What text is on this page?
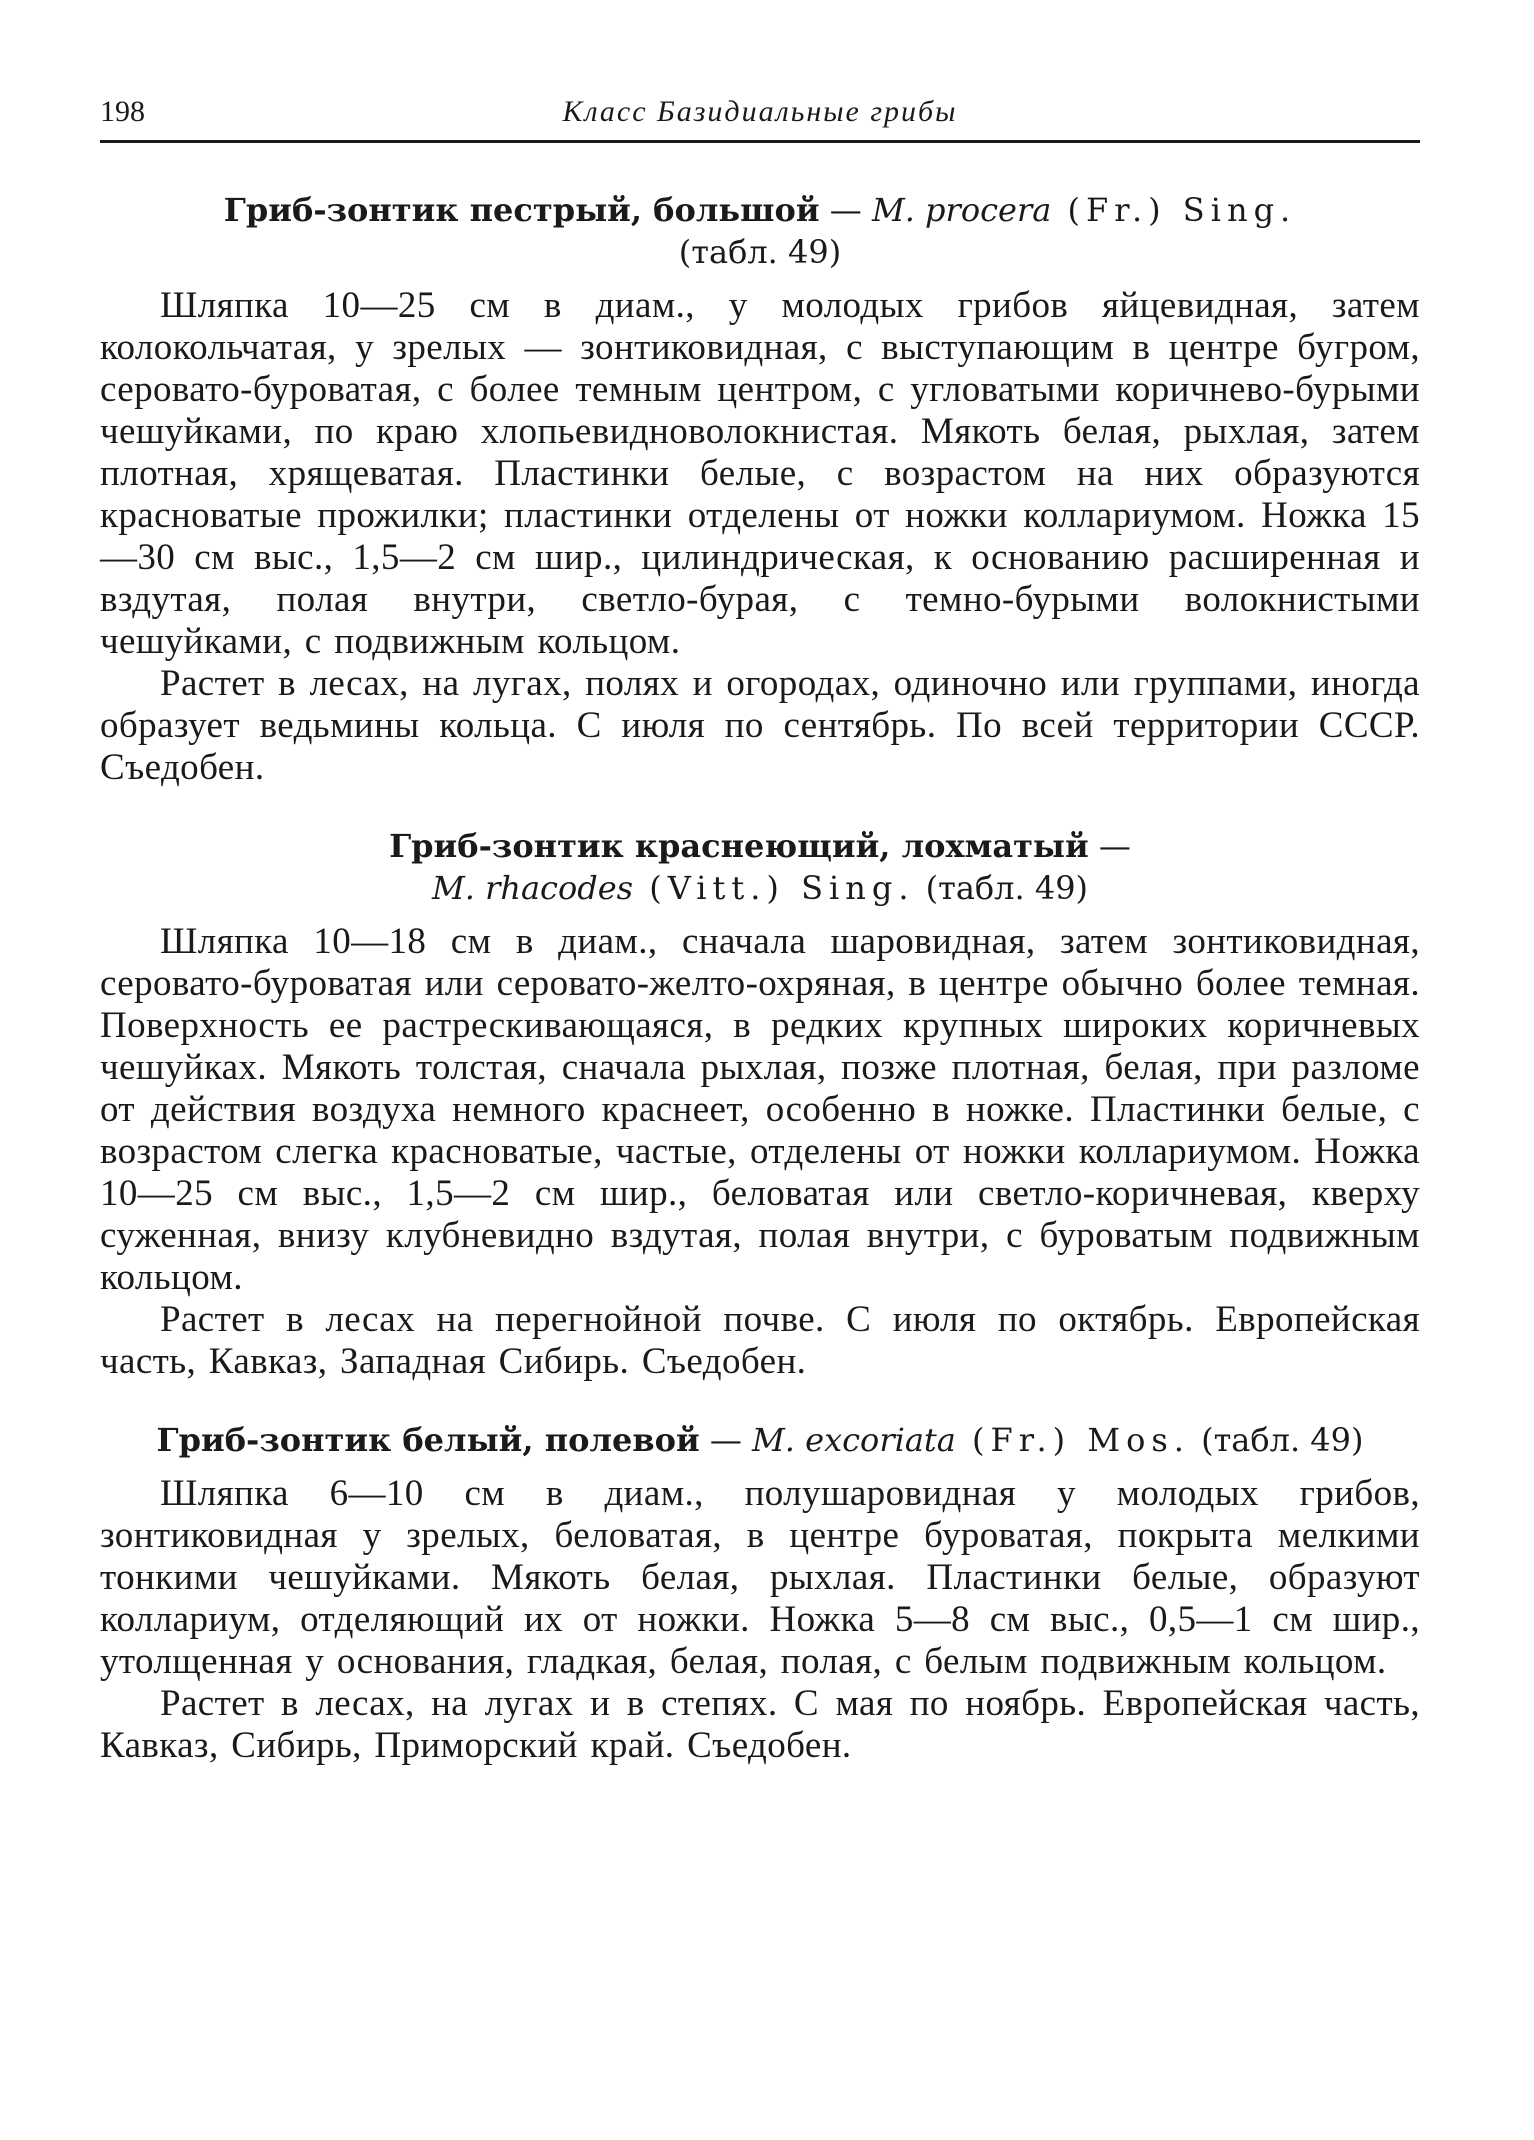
198	Класс Базидиальные грибы
Гриб-зонтик пестрый, большой — M. procera (Fr.) Sing.
(табл. 49)

Шляпка 10—25 см в диам., у молодых грибов яйцевидная, затем колокольчатая, у зрелых — зонтиковидная, с выступающим в центре бугром, серовато-буроватая, с более темным центром, с угловатыми коричнево-бурыми чешуйками, по краю хлопьевидноволокнистая. Мякоть белая, рыхлая, затем плотная, хрящеватая. Пластинки белые, с возрастом на них образуются красноватые прожилки; пластинки отделены от ножки коллариумом. Ножка 15—30 см выс., 1,5—2 см шир., цилиндрическая, к основанию расширенная и вздутая, полая внутри, светло-бурая, с темно-бурыми волокнистыми чешуйками, с подвижным кольцом.

Растет в лесах, на лугах, полях и огородах, одиночно или группами, иногда образует ведьмины кольца. С июля по сентябрь. По всей территории СССР. Съедобен.

Гриб-зонтик краснеющий, лохматый —
M. rhacodes (Vitt.) Sing. (табл. 49)

Шляпка 10—18 см в диам., сначала шаровидная, затем зонтиковидная, серовато-буроватая или серовато-желто-охряная, в центре обычно более темная. Поверхность ее растрескивающаяся, в редких крупных широких коричневых чешуйках. Мякоть толстая, сначала рыхлая, позже плотная, белая, при разломе от действия воздуха немного краснеет, особенно в ножке. Пластинки белые, с возрастом слегка красноватые, частые, отделены от ножки коллариумом. Ножка 10—25 см выс., 1,5—2 см шир., беловатая или светло-коричневая, кверху суженная, внизу клубневидно вздутая, полая внутри, с буроватым подвижным кольцом.

Растет в лесах на перегнойной почве. С июля по октябрь. Европейская часть, Кавказ, Западная Сибирь. Съедобен.

Гриб-зонтик белый, полевой — M. excoriata (Fr.) Mos. (табл. 49)

Шляпка 6—10 см в диам., полушаровидная у молодых грибов, зонтиковидная у зрелых, беловатая, в центре буроватая, покрыта мелкими тонкими чешуйками. Мякоть белая, рыхлая. Пластинки белые, образуют коллариум, отделяющий их от ножки. Ножка 5—8 см выс., 0,5—1 см шир., утолщенная у основания, гладкая, белая, полая, с белым подвижным кольцом.

Растет в лесах, на лугах и в степях. С мая по ноябрь. Европейская часть, Кавказ, Сибирь, Приморский край. Съедобен.
